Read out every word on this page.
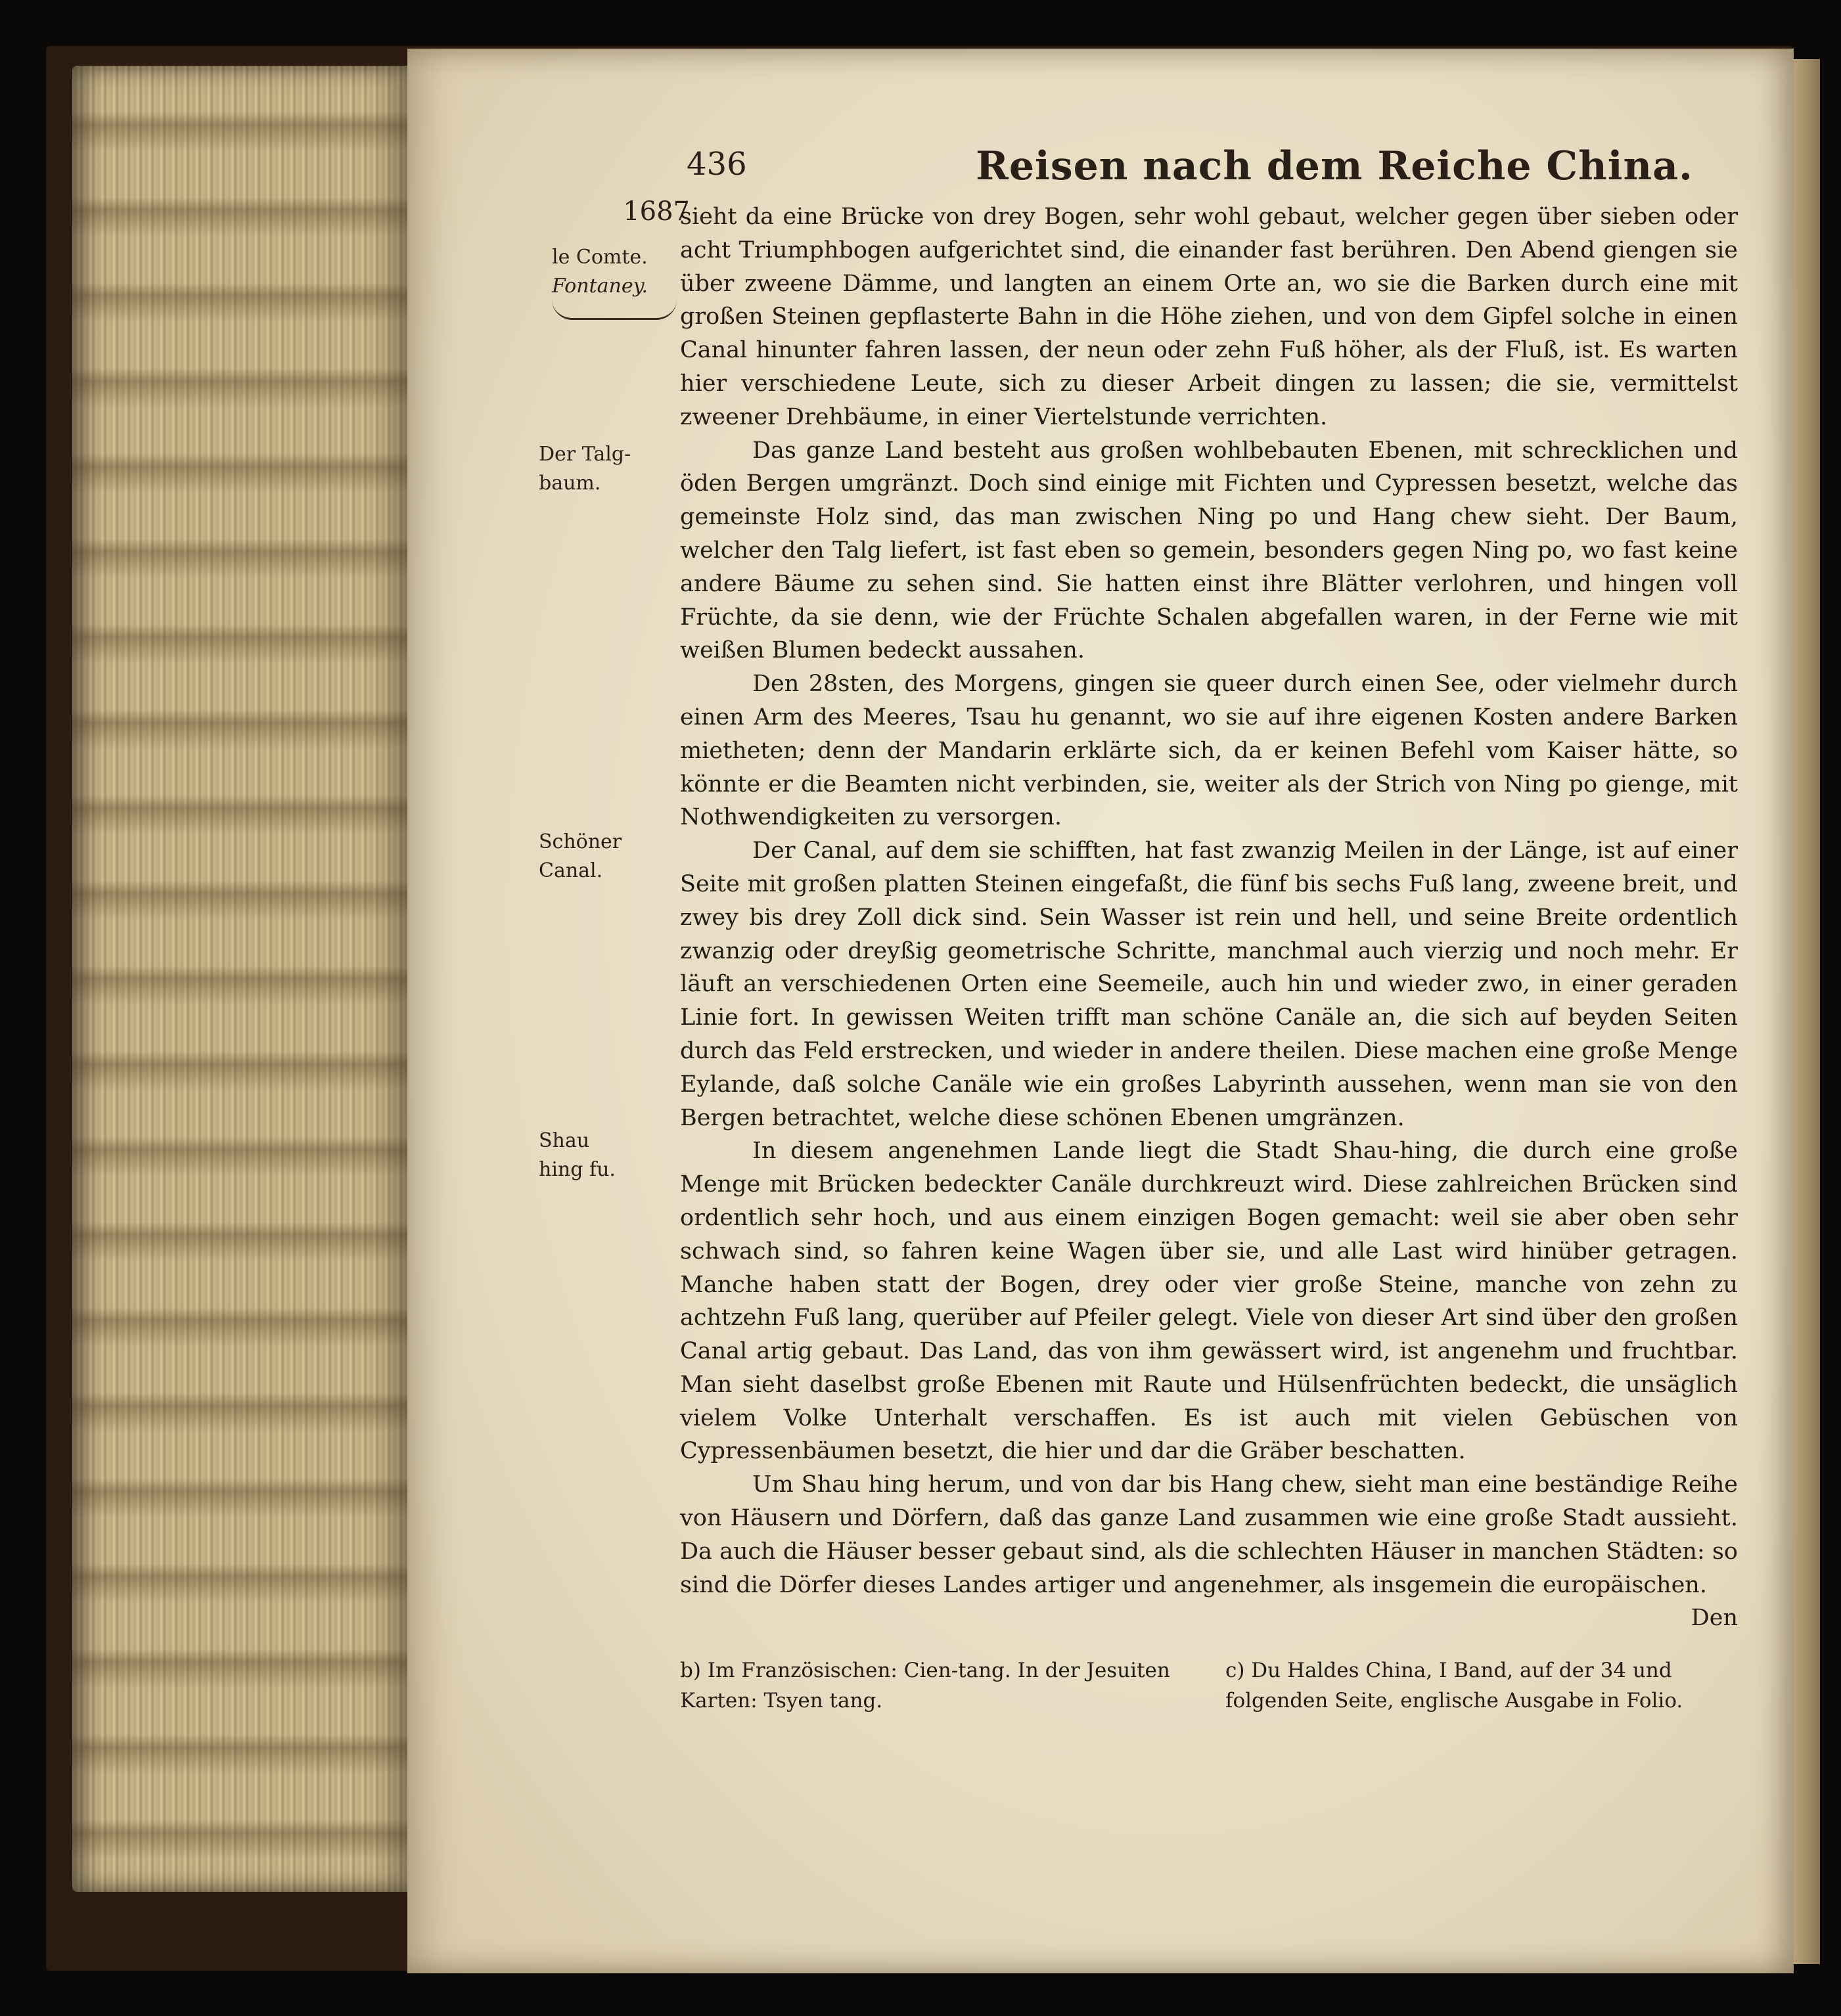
436	Reisen nach dem Reiche China.
1687
le Comte.
Fontaney.
Der Talg-baum.
Schöner Canal.
Shau hing fu.

sieht da eine Brücke von drey Bogen, sehr wohl gebaut, welcher gegen über sieben oder acht Triumphbogen aufgerichtet sind, die einander fast berühren. Den Abend giengen sie über zweene Dämme, und langten an einem Orte an, wo sie die Barken durch eine mit großen Steinen gepflasterte Bahn in die Höhe ziehen, und von dem Gipfel solche in einen Canal hinunter fahren lassen, der neun oder zehn Fuß höher, als der Fluß, ist. Es warten hier verschiedene Leute, sich zu dieser Arbeit dingen zu lassen; die sie, vermittelst zweener Drehbäume, in einer Viertelstunde verrichten.

Das ganze Land besteht aus großen wohlbebauten Ebenen, mit schrecklichen und öden Bergen umgränzt. Doch sind einige mit Fichten und Cypressen besetzt, welche das gemeinste Holz sind, das man zwischen Ning po und Hang chew sieht. Der Baum, welcher den Talg liefert, ist fast eben so gemein, besonders gegen Ning po, wo fast keine andere Bäume zu sehen sind. Sie hatten einst ihre Blätter verlohren, und hingen voll Früchte, da sie denn, wie der Früchte Schalen abgefallen waren, in der Ferne wie mit weißen Blumen bedeckt aussahen.

Den 28sten, des Morgens, gingen sie queer durch einen See, oder vielmehr durch einen Arm des Meeres, Tsau hu genannt, wo sie auf ihre eigenen Kosten andere Barken mietheten; denn der Mandarin erklärte sich, da er keinen Befehl vom Kaiser hätte, so könnte er die Beamten nicht verbinden, sie, weiter als der Strich von Ning po gienge, mit Nothwendigkeiten zu versorgen.

Der Canal, auf dem sie schifften, hat fast zwanzig Meilen in der Länge, ist auf einer Seite mit großen platten Steinen eingefaßt, die fünf bis sechs Fuß lang, zweene breit, und zwey bis drey Zoll dick sind. Sein Wasser ist rein und hell, und seine Breite ordentlich zwanzig oder dreyßig geometrische Schritte, manchmal auch vierzig und noch mehr. Er läuft an verschiedenen Orten eine Seemeile, auch hin und wieder zwo, in einer geraden Linie fort. In gewissen Weiten trifft man schöne Canäle an, die sich auf beyden Seiten durch das Feld erstrecken, und wieder in andere theilen. Diese machen eine große Menge Eylande, daß solche Canäle wie ein großes Labyrinth aussehen, wenn man sie von den Bergen betrachtet, welche diese schönen Ebenen umgränzen.

In diesem angenehmen Lande liegt die Stadt Shau-hing, die durch eine große Menge mit Brücken bedeckter Canäle durchkreuzt wird. Diese zahlreichen Brücken sind ordentlich sehr hoch, und aus einem einzigen Bogen gemacht: weil sie aber oben sehr schwach sind, so fahren keine Wagen über sie, und alle Last wird hinüber getragen. Manche haben statt der Bogen, drey oder vier große Steine, manche von zehn zu achtzehn Fuß lang, querüber auf Pfeiler gelegt. Viele von dieser Art sind über den großen Canal artig gebaut. Das Land, das von ihm gewässert wird, ist angenehm und fruchtbar. Man sieht daselbst große Ebenen mit Raute und Hülsenfrüchten bedeckt, die unsäglich vielem Volke Unterhalt verschaffen. Es ist auch mit vielen Gebüschen von Cypressenbäumen besetzt, die hier und dar die Gräber beschatten.

Um Shau hing herum, und von dar bis Hang chew, sieht man eine beständige Reihe von Häusern und Dörfern, daß das ganze Land zusammen wie eine große Stadt aussieht. Da auch die Häuser besser gebaut sind, als die schlechten Häuser in manchen Städten: so sind die Dörfer dieses Landes artiger und angenehmer, als insgemein die europäischen.

Den

b) Im Französischen: Cien-tang. In der Jesuiten Karten: Tsyen tang.
c) Du Haldes China, I Band, auf der 34 und folgenden Seite, englische Ausgabe in Folio.
